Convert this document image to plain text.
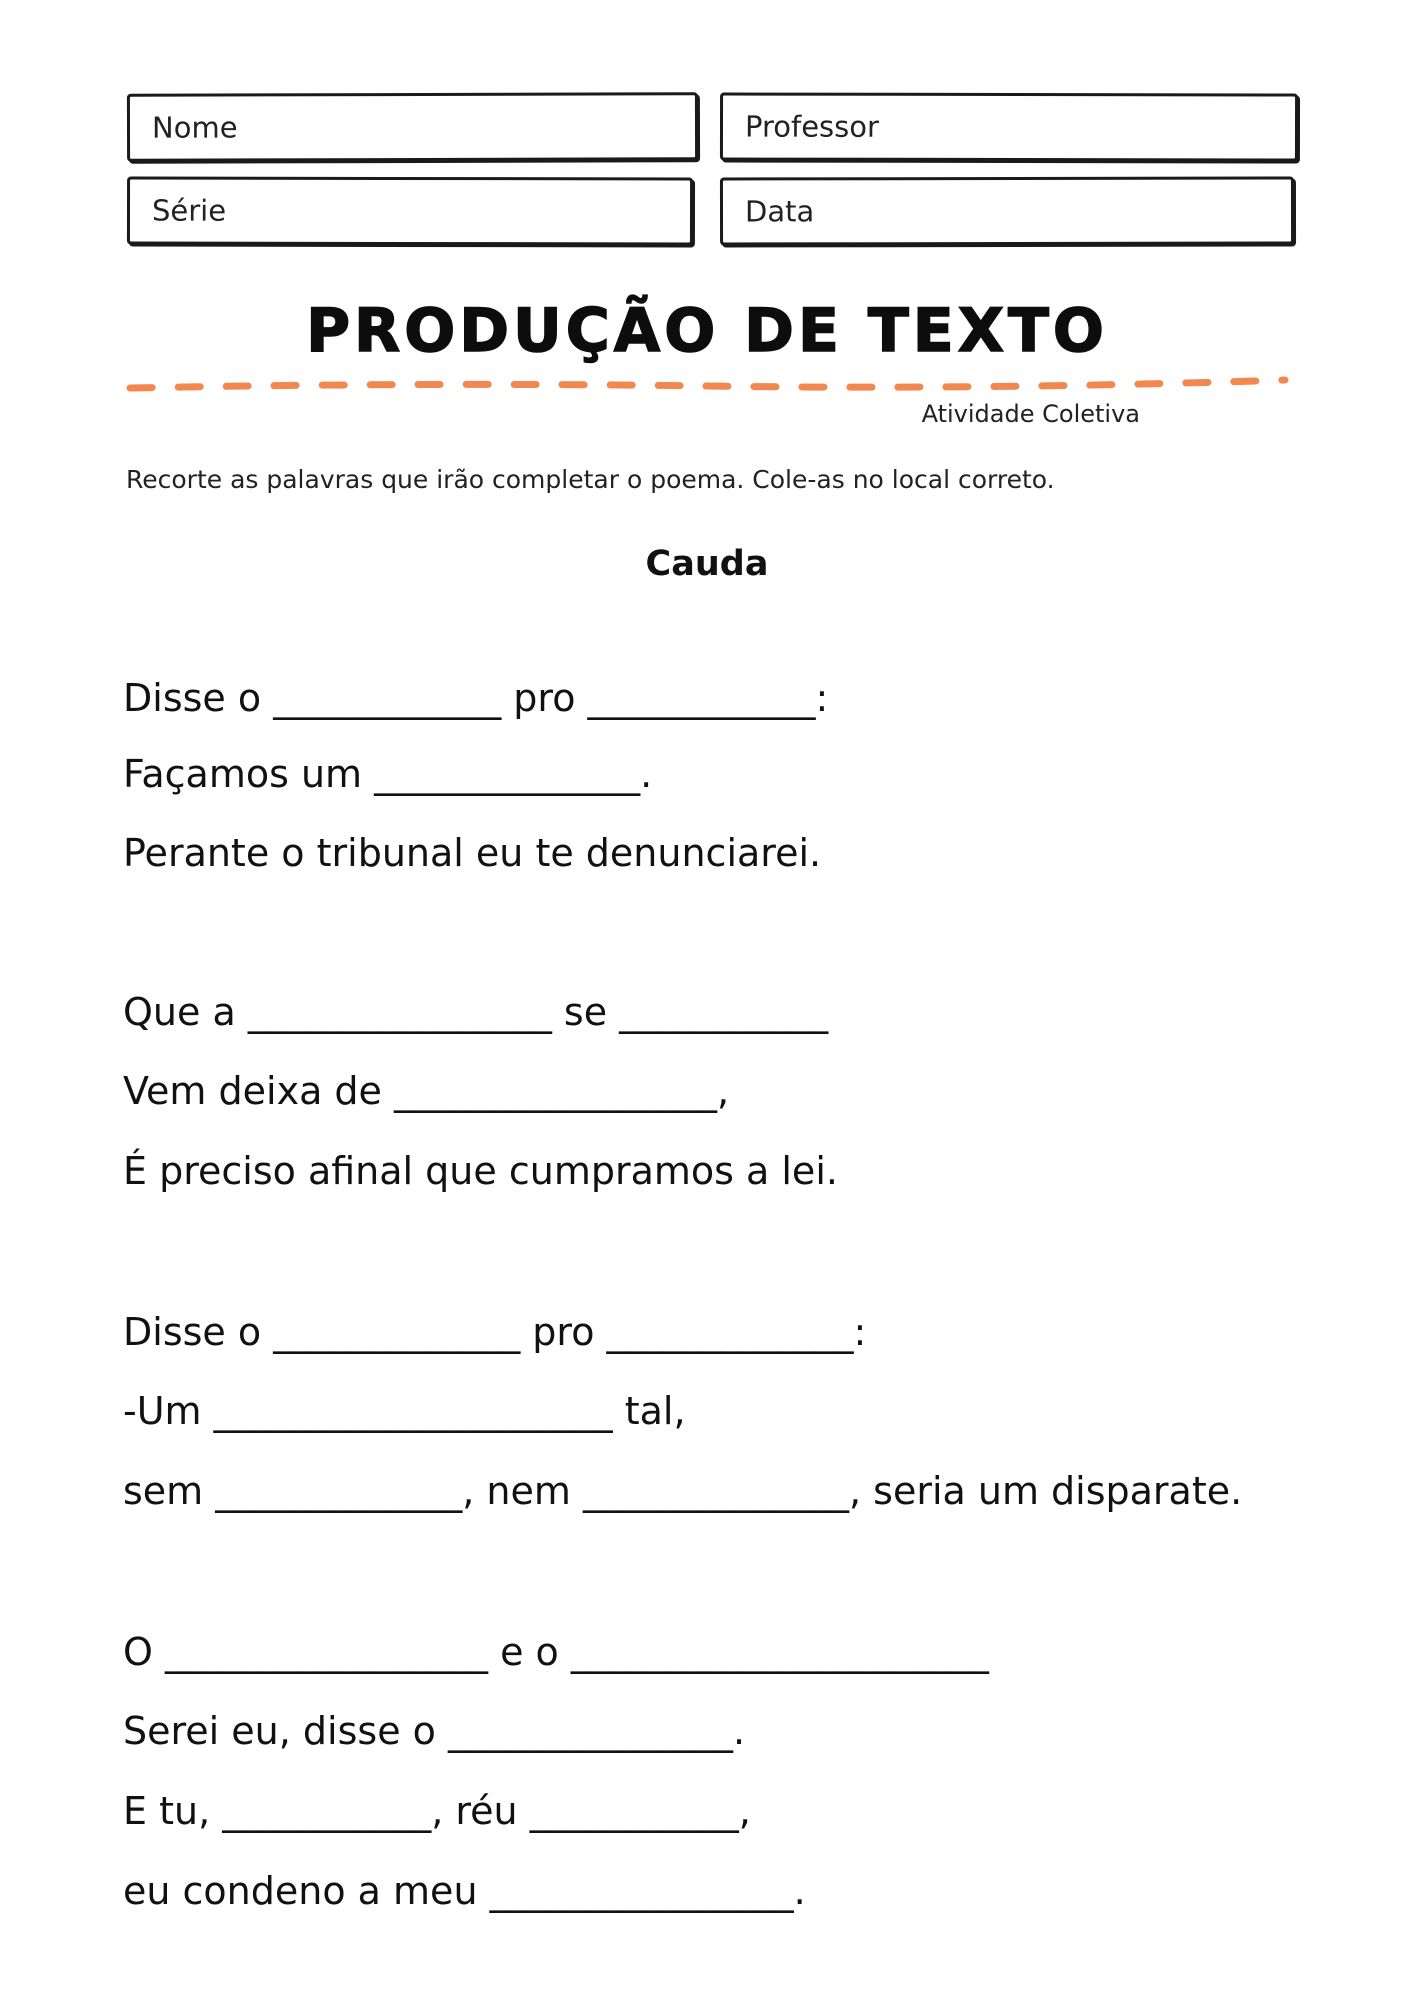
Nome	Professor
Série	Data
PRODUÇÃO DE TEXTO
Atividade Coletiva
Recorte as palavras que irão completar o poema. Cole-as no local correto.
Cauda
Disse o ____________ pro ____________:
Façamos um ______________.
Perante o tribunal eu te denunciarei.
Que a ________________ se ___________
Vem deixa de _________________,
É preciso afinal que cumpramos a lei.
Disse o _____________ pro _____________:
-Um _____________________ tal,
sem _____________, nem ______________, seria um disparate.
O _________________ e o ______________________
Serei eu, disse o _______________.
E tu, ___________, réu ___________,
eu condeno a meu ________________.
